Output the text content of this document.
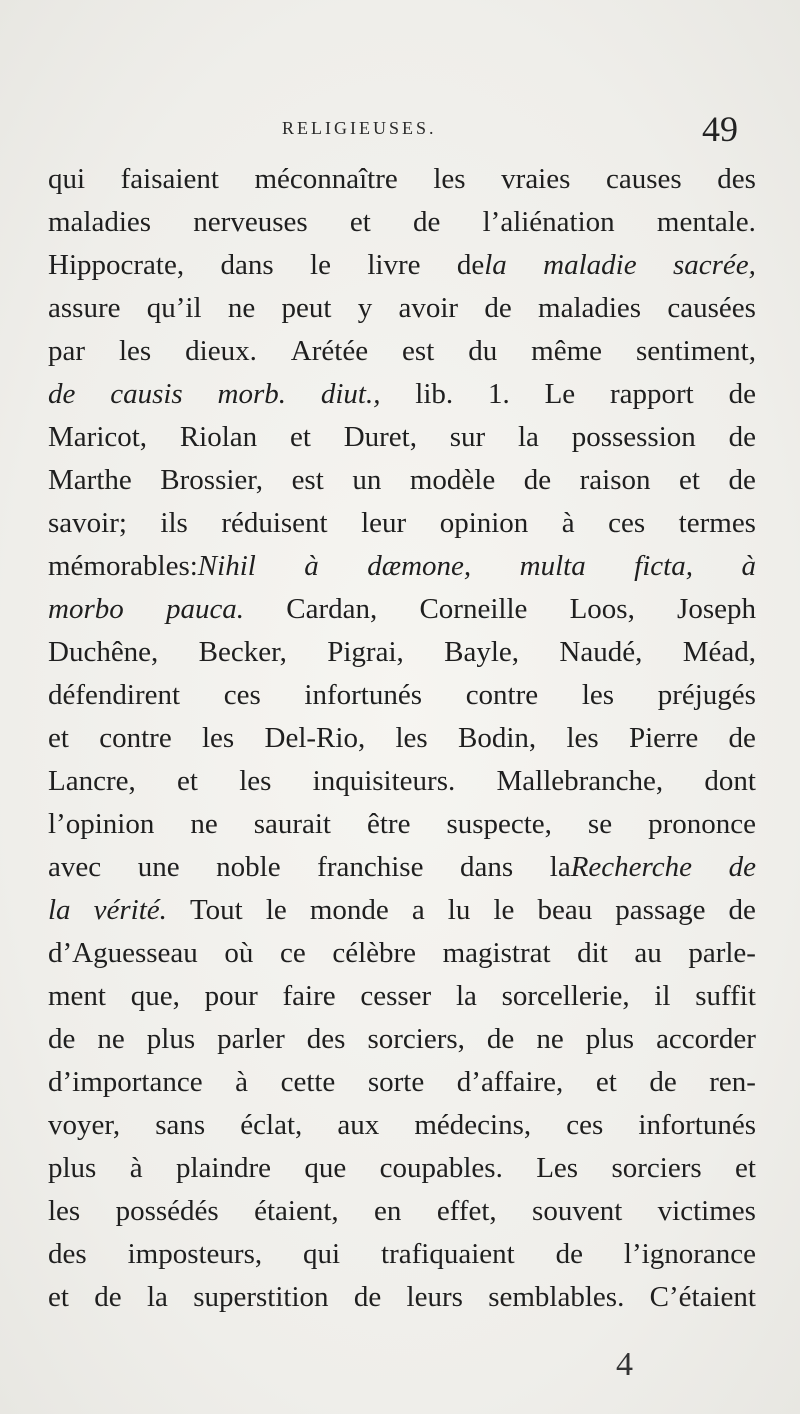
RELIGIEUSES.	49
qui faisaient méconnaître les vraies causes des
maladies nerveuses et de l’aliénation mentale.
Hippocrate, dans le livre dela maladie sacrée,
assure qu’il ne peut y avoir de maladies causées
par les dieux. Arétée est du même sentiment,
de causis morb. diut., lib. 1. Le rapport de
Maricot, Riolan et Duret, sur la possession de
Marthe Brossier, est un modèle de raison et de
savoir; ils réduisent leur opinion à ces termes
mémorables:Nihil à dæmone, multa ficta, à
morbo pauca. Cardan, Corneille Loos, Joseph
Duchêne, Becker, Pigrai, Bayle, Naudé, Méad,
défendirent ces infortunés contre les préjugés
et contre les Del-Rio, les Bodin, les Pierre de
Lancre, et les inquisiteurs. Mallebranche, dont
l’opinion ne saurait être suspecte, se prononce
avec une noble franchise dans laRecherche de
la vérité. Tout le monde a lu le beau passage de
d’Aguesseau où ce célèbre magistrat dit au parle-
ment que, pour faire cesser la sorcellerie, il suffit
de ne plus parler des sorciers, de ne plus accorder
d’importance à cette sorte d’affaire, et de ren-
voyer, sans éclat, aux médecins, ces infortunés
plus à plaindre que coupables. Les sorciers et
les possédés étaient, en effet, souvent victimes
des imposteurs, qui trafiquaient de l’ignorance
et de la superstition de leurs semblables. C’étaient
4
